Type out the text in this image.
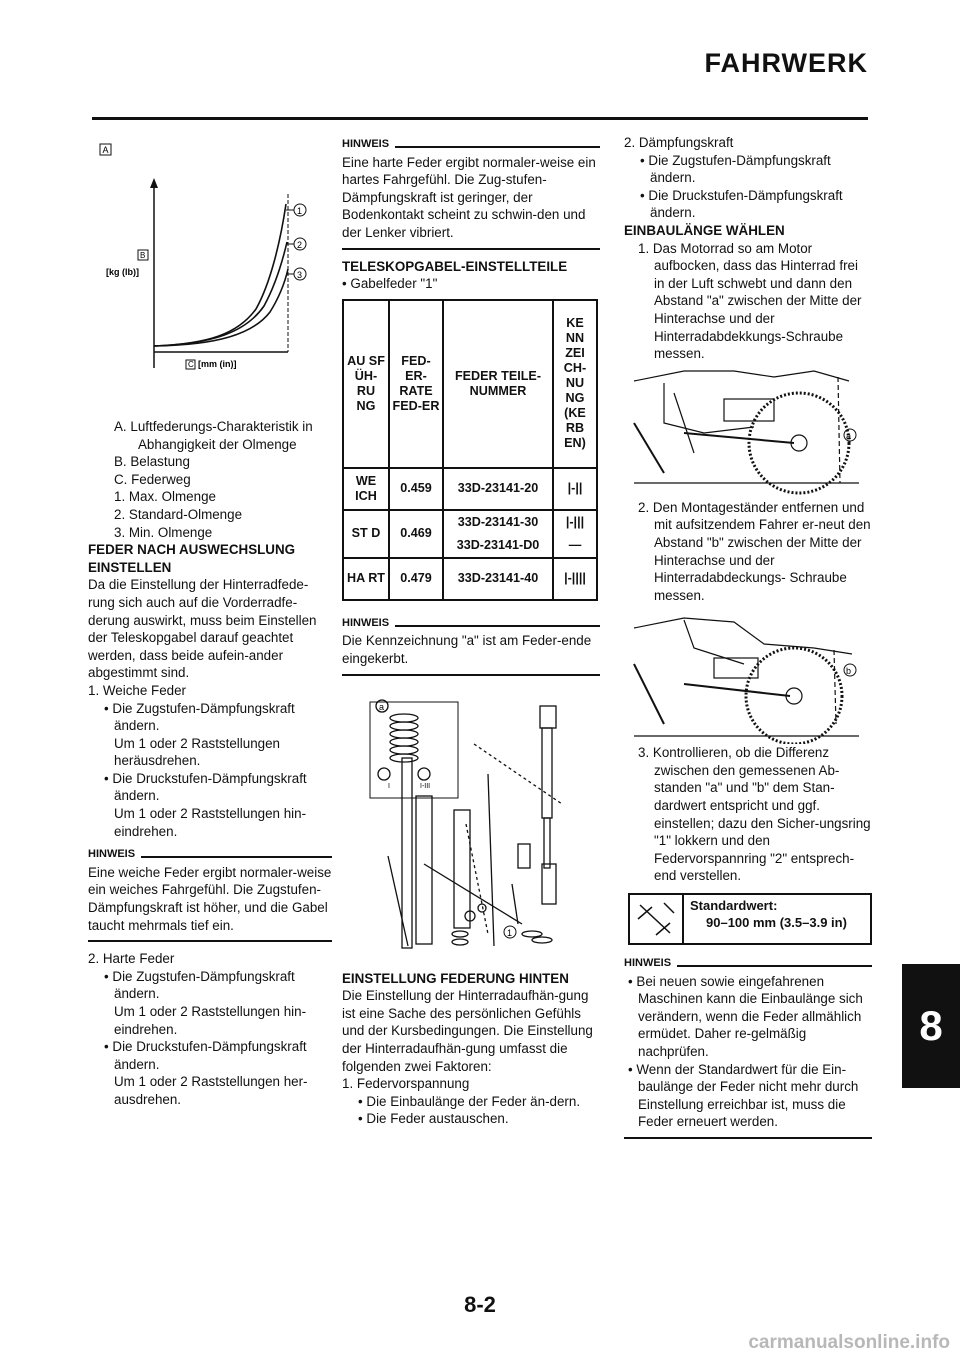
FAHRWERK
A
1
2
3
B
[kg (lb)]
C [mm (in)]
A. Luftfederungs-Charakteristik in Abhangigkeit der Olmenge
B. Belastung
C. Federweg
1. Max. Olmenge
2. Standard-Olmenge
3. Min. Olmenge

FEDER NACH AUSWECHSLUNG EINSTELLEN

Da die Einstellung der Hinterradfede-rung sich auch auf die Vorderradfe-derung auswirkt, muss beim Einstellen der Teleskopgabel darauf geachtet werden, dass beide aufein-ander abgestimmt sind.

1. Weiche Feder

• Die Zugstufen-Dämpfungskraft ändern.

Um 1 oder 2 Raststellungen heräusdrehen.

• Die Druckstufen-Dämpfungskraft ändern.

Um 1 oder 2 Raststellungen hin-eindrehen.

HINWEIS
Eine weiche Feder ergibt normaler-weise ein weiches Fahrgefühl. Die Zugstufen-Dämpfungskraft ist höher, und die Gabel taucht mehrmals tief ein.

2. Harte Feder

• Die Zugstufen-Dämpfungskraft ändern.

Um 1 oder 2 Raststellungen hin-eindrehen.

• Die Druckstufen-Dämpfungskraft ändern.

Um 1 oder 2 Raststellungen her-ausdrehen.

HINWEIS
Eine harte Feder ergibt normaler-weise ein hartes Fahrgefühl. Die Zug-stufen-Dämpfungskraft ist geringer, der Bodenkontakt scheint zu schwin-den und der Lenker vibriert.

TELESKOPGABEL-EINSTELLTEILE

• Gabelfeder "1"

AU SF ÜH-RU NG	FED-ER-RATE FED-ER	FEDER TEILE-NUMMER	KE NN ZEI CH-NU NG (KE RB EN)
WE ICH	0.459	33D-23141-20	|-||
ST D	0.469	33D-23141-30	|-|||
		33D-23141-D0	—
HA RT	0.479	33D-23141-40	|-||||
HINWEIS
Die Kennzeichnung "a" ist am Feder-ende eingekerbt.
a
I	I-III
1

EINSTELLUNG FEDERUNG HINTEN

Die Einstellung der Hinterradaufhän-gung ist eine Sache des persönlichen Gefühls und der Kursbedingungen. Die Einstellung der Hinterradaufhän-gung umfasst die folgenden zwei Faktoren:

1. Federvorspannung

• Die Einbaulänge der Feder än-dern.

• Die Feder austauschen.

2. Dämpfungskraft

• Die Zugstufen-Dämpfungskraft ändern.

• Die Druckstufen-Dämpfungskraft ändern.

EINBAULÄNGE WÄHLEN

1. Das Motorrad so am Motor aufbocken, dass das Hinterrad frei in der Luft schwebt und dann den Abstand "a" zwischen der Mitte der Hinterachse und der Hinterradabdekkungs-Schraube messen.

a

2. Den Montageständer entfernen und mit aufsitzendem Fahrer er-neut den Abstand "b" zwischen der Mitte der Hinterachse und der Hinterradabdeckungs- Schraube messen.

b

3. Kontrollieren, ob die Differenz zwischen den gemessenen Ab-standen "a" und "b" dem Stan-dardwert entspricht und ggf. einstellen; dazu den Sicher-ungsring "1" lokkern und den Federvorspannring "2" entsprech-end verstellen.

Standardwert:
90–100 mm (3.5–3.9 in)
HINWEIS

• Bei neuen sowie eingefahrenen Maschinen kann die Einbaulänge sich verändern, wenn die Feder allmählich ermüdet. Daher re-gelmäßig nachprüfen.

• Wenn der Standardwert für die Ein-baulänge der Feder nicht mehr durch Einstellung erreichbar ist, muss die Feder erneuert werden.

8
8-2
carmanualsonline.info
